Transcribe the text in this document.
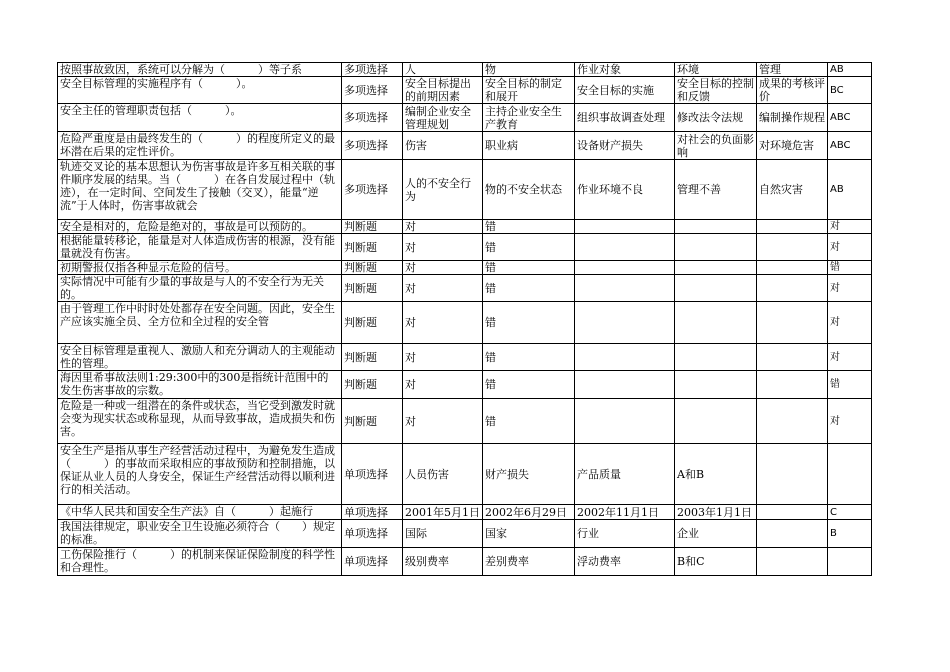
按照事故致因，系统可以分解为（　　　）等子系	多项选择	人	物	作业对象	环境	管理	AB
安全目标管理的实施程序有（　　　）。	多项选择	安全目标提出的前期因素	安全目标的制定和展开	安全目标的实施	安全目标的控制和反馈	成果的考核评价	BC
安全主任的管理职责包括（　　　）。	多项选择	编制企业安全管理规划	主持企业安全生产教育	组织事故调查处理	修改法令法规	编制操作规程	ABC
危险严重度是由最终发生的（　　　）的程度所定义的最坏潜在后果的定性评价。	多项选择	伤害	职业病	设备财产损失	对社会的负面影响	对环境危害	ABC
轨迹交叉论的基本思想认为伤害事故是许多互相关联的事件顺序发展的结果。当（　　　）在各自发展过程中（轨迹），在一定时间、空间发生了接触（交叉），能量“逆流”于人体时，伤害事故就会	多项选择	人的不安全行为	物的不安全状态	作业环境不良	管理不善	自然灾害	AB
安全是相对的，危险是绝对的，事故是可以预防的。	判断题	对	错				对
根据能量转移论，能量是对人体造成伤害的根源，没有能量就没有伤害。	判断题	对	错				对
初期警报仅指各种显示危险的信号。	判断题	对	错				错
实际情况中可能有少量的事故是与人的不安全行为无关的。	判断题	对	错				对
由于管理工作中时时处处都存在安全问题。因此，安全生产应该实施全员、全方位和全过程的安全管	判断题	对	错				对
安全目标管理是重视人、激励人和充分调动人的主观能动性的管理。	判断题	对	错				对
海因里希事故法则1:29:300中的300是指统计范围中的发生伤害事故的宗数。	判断题	对	错				错
危险是一种或一组潜在的条件或状态，当它受到激发时就会变为现实状态或称显现，从而导致事故，造成损失和伤害。	判断题	对	错				对
安全生产是指从事生产经营活动过程中，为避免发生造成（　　　）的事故而采取相应的事故预防和控制措施，以保证从业人员的人身安全，保证生产经营活动得以顺利进行的相关活动。	单项选择	人员伤害	财产损失	产品质量	A和B		
《中华人民共和国安全生产法》自（　　　）起施行	单项选择	2001年5月1日	2002年6月29日	2002年11月1日	2003年1月1日		C
我国法律规定，职业安全卫生设施必须符合（　　）规定的标准。	单项选择	国际	国家	行业	企业		B
工伤保险推行（　　　）的机制来保证保险制度的科学性和合理性。	单项选择	级别费率	差别费率	浮动费率	B和C		
